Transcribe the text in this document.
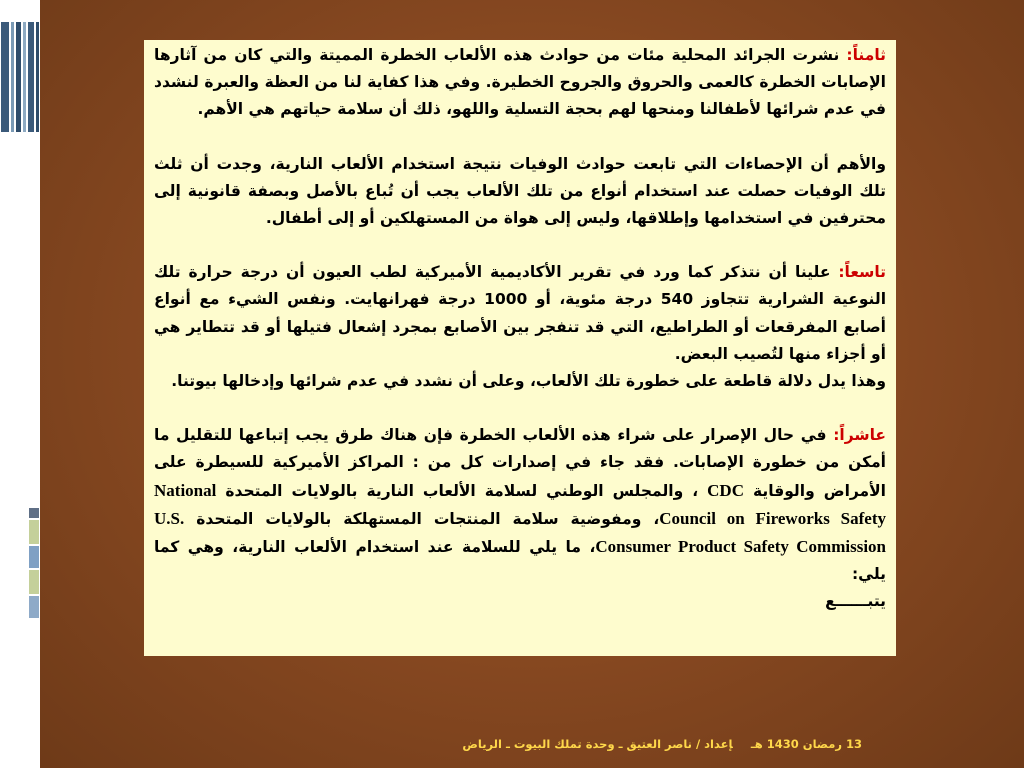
ثامناً: نشرت الجرائد المحلية مئات من حوادث هذه الألعاب الخطرة المميتة والتي كان من آثارها الإصابات الخطرة كالعمى والحروق والجروح الخطيرة. وفي هذا كفاية لنا من العظة والعبرة لنشدد في عدم شرائها لأطفالنا ومنحها لهم بحجة التسلية واللهو، ذلك أن سلامة حياتهم هي الأهم.

والأهم أن الإحصاءات التي تابعت حوادث الوفيات نتيجة استخدام الألعاب النارية، وجدت أن ثلث تلك الوفيات حصلت عند استخدام أنواع من تلك الألعاب يجب أن تُباع بالأصل وبصفة قانونية إلى محترفين في استخدامها وإطلاقها، وليس إلى هواة من المستهلكين أو إلى أطفال.

تاسعاً: علينا أن نتذكر كما ورد في تقرير الأكاديمية الأميركية لطب العيون أن درجة حرارة تلك النوعية الشرارية تتجاوز 540 درجة مئوية، أو 1000 درجة فهرانهايت. ونفس الشيء مع أنواع أصابع المفرقعات أو الطراطيع، التي قد تنفجر بين الأصابع بمجرد إشعال فتيلها أو قد تتطاير هي أو أجزاء منها لتُصيب البعض.

وهذا يدل دلالة قاطعة على خطورة تلك الألعاب، وعلى أن نشدد في عدم شرائها وإدخالها بيوتنا.

عاشراً: في حال الإصرار على شراء هذه الألعاب الخطرة فإن هناك طرق يجب إتباعها للتقليل ما أمكن من خطورة الإصابات. فقد جاء في إصدارات كل من : المراكز الأميركية للسيطرة على الأمراض والوقاية CDC ، والمجلس الوطني لسلامة الألعاب النارية بالولايات المتحدة National Council on Fireworks Safety، ومفوضية سلامة المنتجات المستهلكة بالولايات المتحدة U.S. Consumer Product Safety Commission، ما يلي للسلامة عند استخدام الألعاب النارية، وهي كما يلي:

يتبــــــع

13 رمضان 1430 هـإعداد / ناصر العتيق ـ وحدة تملك البيوت ـ الرياض
